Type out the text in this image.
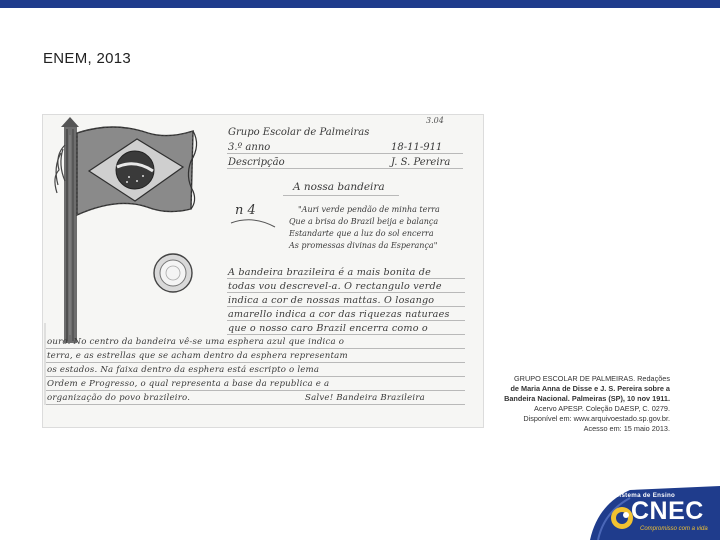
ENEM, 2013
3.04
Grupo Escolar de Palmeiras
3.º anno	18-11-911
Descripção	J. S. Pereira
A nossa bandeira
n 4	"Auri verde pendão de minha terra
Que a brisa do Brazil beija e balança
Estandarte que a luz do sol encerra
As promessas divinas da Esperança"
A bandeira brazileira é a mais bonita de
todas vou descrevel-a. O rectangulo verde
indica a cor de nossas mattas. O losango
amarello indica a cor das riquezas naturaes
que o nosso caro Brazil encerra como o
ouro. No centro da bandeira vê-se uma esphera azul que indica o
terra, e as estrellas que se acham dentro da esphera representam
os estados. Na faixa dentro da esphera está escripto o lema
Ordem e Progresso, o qual representa a base da republica e a
organização do povo brazileiro.	Salve! Bandeira Brazileira
GRUPO ESCOLAR DE PALMEIRAS. Redações
de Maria Anna de Disse e J. S. Pereira sobre a
Bandeira Nacional. Palmeiras (SP), 10 nov 1911.
Acervo APESP. Coleção DAESP, C. 0279.
Disponível em: www.arquivoestado.sp.gov.br.
Acesso em: 15 maio 2013.
Sistema de Ensino
CNEC
Compromisso com a vida
